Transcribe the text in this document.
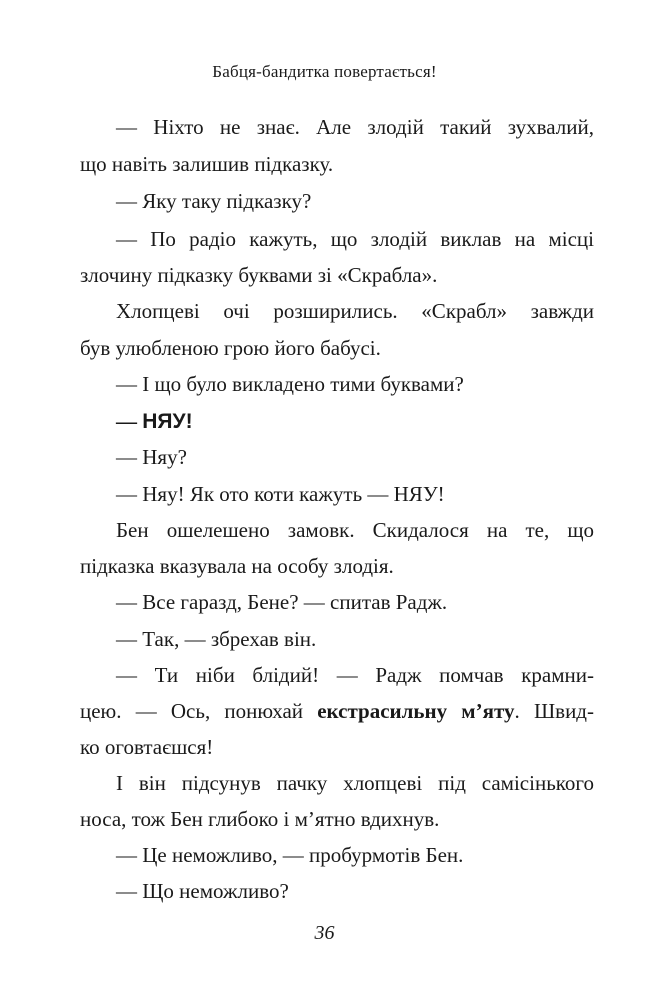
Бабця-бандитка повертається!
— Ніхто не знає. Але злодій такий зухвалий,
що навіть залишив підказку.
— Яку таку підказку?
— По радіо кажуть, що злодій виклав на місці
злочину підказку буквами зі «Скрабла».
Хлопцеві очі розширились. «Скрабл» завжди
був улюбленою грою його бабусі.
— І що було викладено тими буквами?
— НЯУ!
— Няу?
— Няу! Як ото коти кажуть — НЯУ!
Бен ошелешено замовк. Скидалося на те, що
підказка вказувала на особу злодія.
— Все гаразд, Бене? — спитав Радж.
— Так, — збрехав він.
— Ти ніби блідий! — Радж помчав крамни-
цею. — Ось, понюхай екстрасильну м’яту. Швид-
ко оговтаєшся!
І він підсунув пачку хлопцеві під самісінького
носа, тож Бен глибоко і м’ятно вдихнув.
— Це неможливо, — пробурмотів Бен.
— Що неможливо?
36
